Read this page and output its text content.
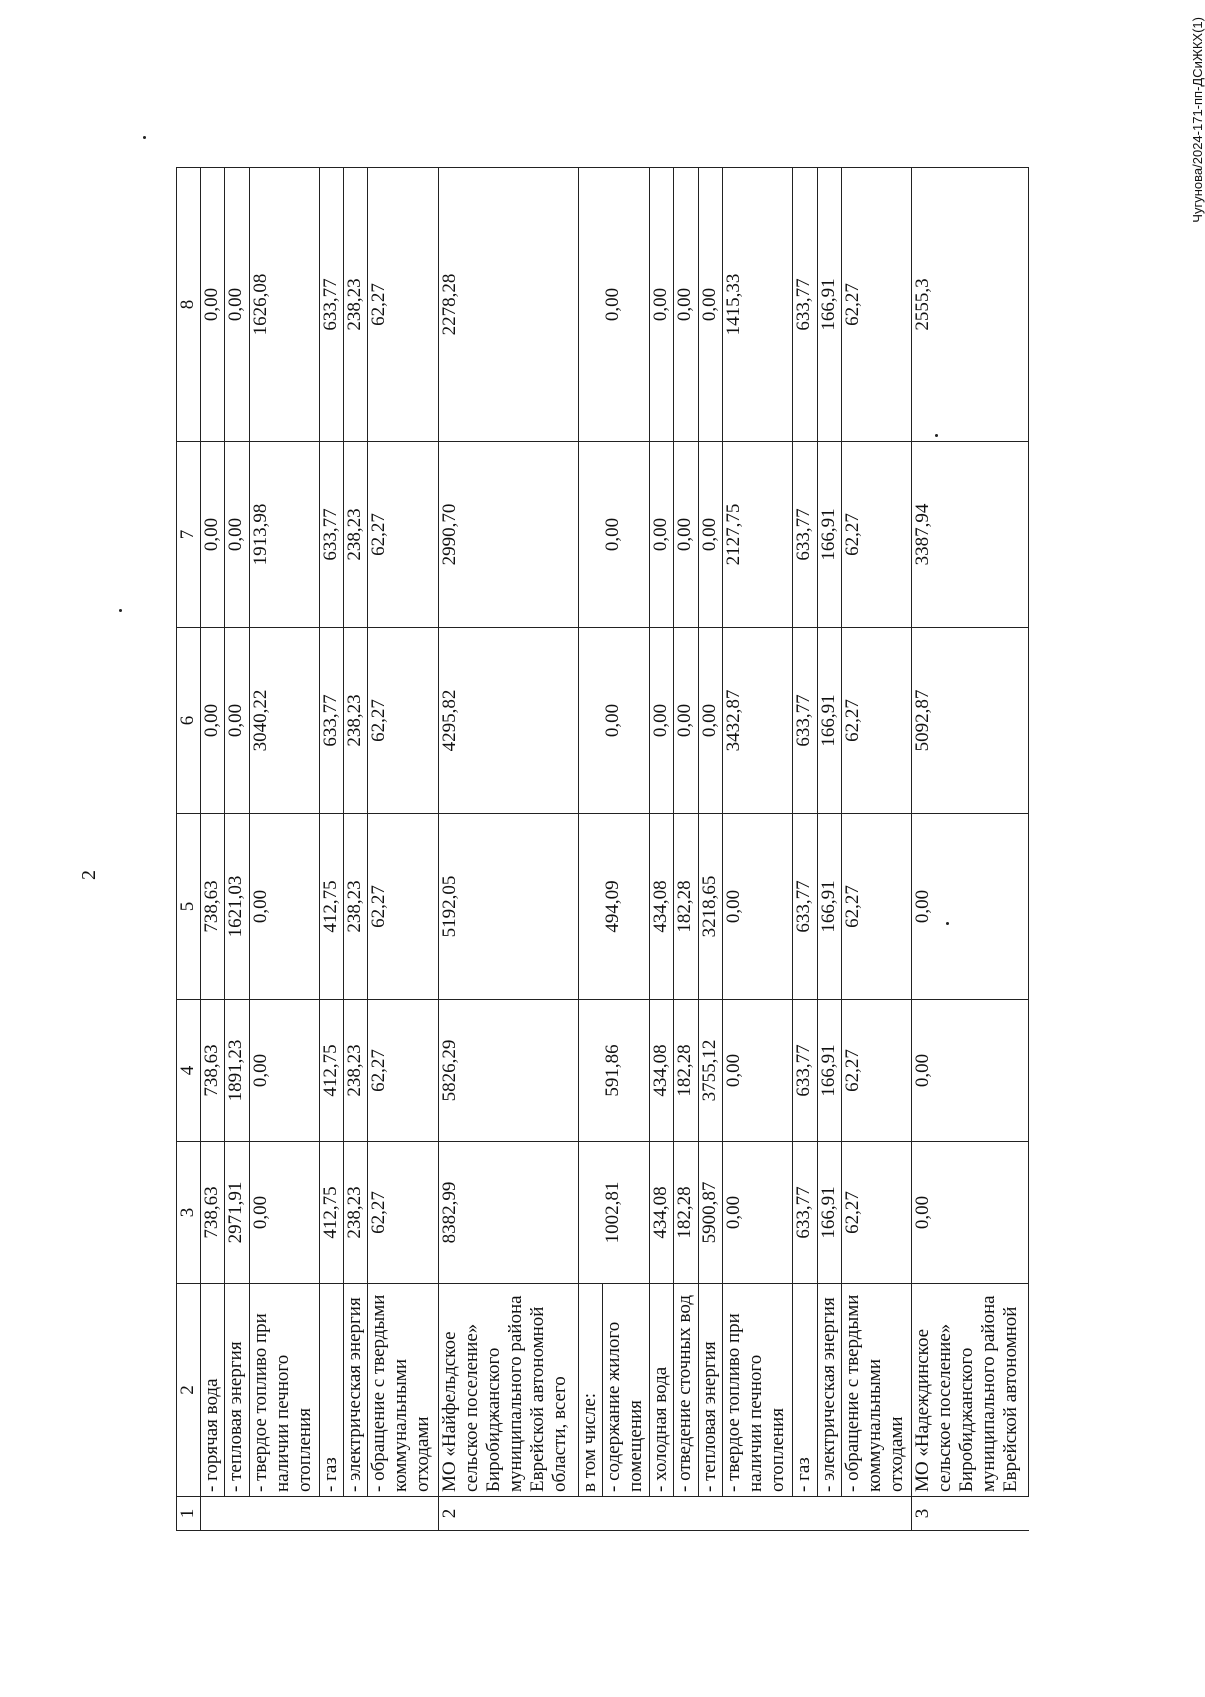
2
1	2	3	4	5	6	7	8
	- горячая вода	738,63	738,63	738,63	0,00	0,00	0,00
	- тепловая энергия	2971,91	1891,23	1621,03	0,00	0,00	0,00
	- твердое топливо при наличии печного отопления	0,00	0,00	0,00	3040,22	1913,98	1626,08
	- газ	412,75	412,75	412,75	633,77	633,77	633,77
	- электрическая энергия	238,23	238,23	238,23	238,23	238,23	238,23
	- обращение с твердыми коммунальными отходами	62,27	62,27	62,27	62,27	62,27	62,27
2	МО «Найфельдское сельское поселение» Биробиджанского муниципального района Еврейской автономной области, всего	8382,99	5826,29	5192,05	4295,82	2990,70	2278,28
	в том числе:						
	- содержание жилого помещения	1002,81	591,86	494,09	0,00	0,00	0,00
	- холодная вода	434,08	434,08	434,08	0,00	0,00	0,00
	- отведение сточных вод	182,28	182,28	182,28	0,00	0,00	0,00
	- тепловая энергия	5900,87	3755,12	3218,65	0,00	0,00	0,00
	- твердое топливо при наличии печного отопления	0,00	0,00	0,00	3432,87	2127,75	1415,33
	- газ	633,77	633,77	633,77	633,77	633,77	633,77
	- электрическая энергия	166,91	166,91	166,91	166,91	166,91	166,91
	- обращение с твердыми коммунальными отходами	62,27	62,27	62,27	62,27	62,27	62,27
3	МО «Надеждинское сельское поселение» Биробиджанского муниципального района Еврейской автономной	0,00	0,00	0,00	5092,87	3387,94	2555,3
Чугунова/2024-171-пп-ДСиЖКХ(1)
